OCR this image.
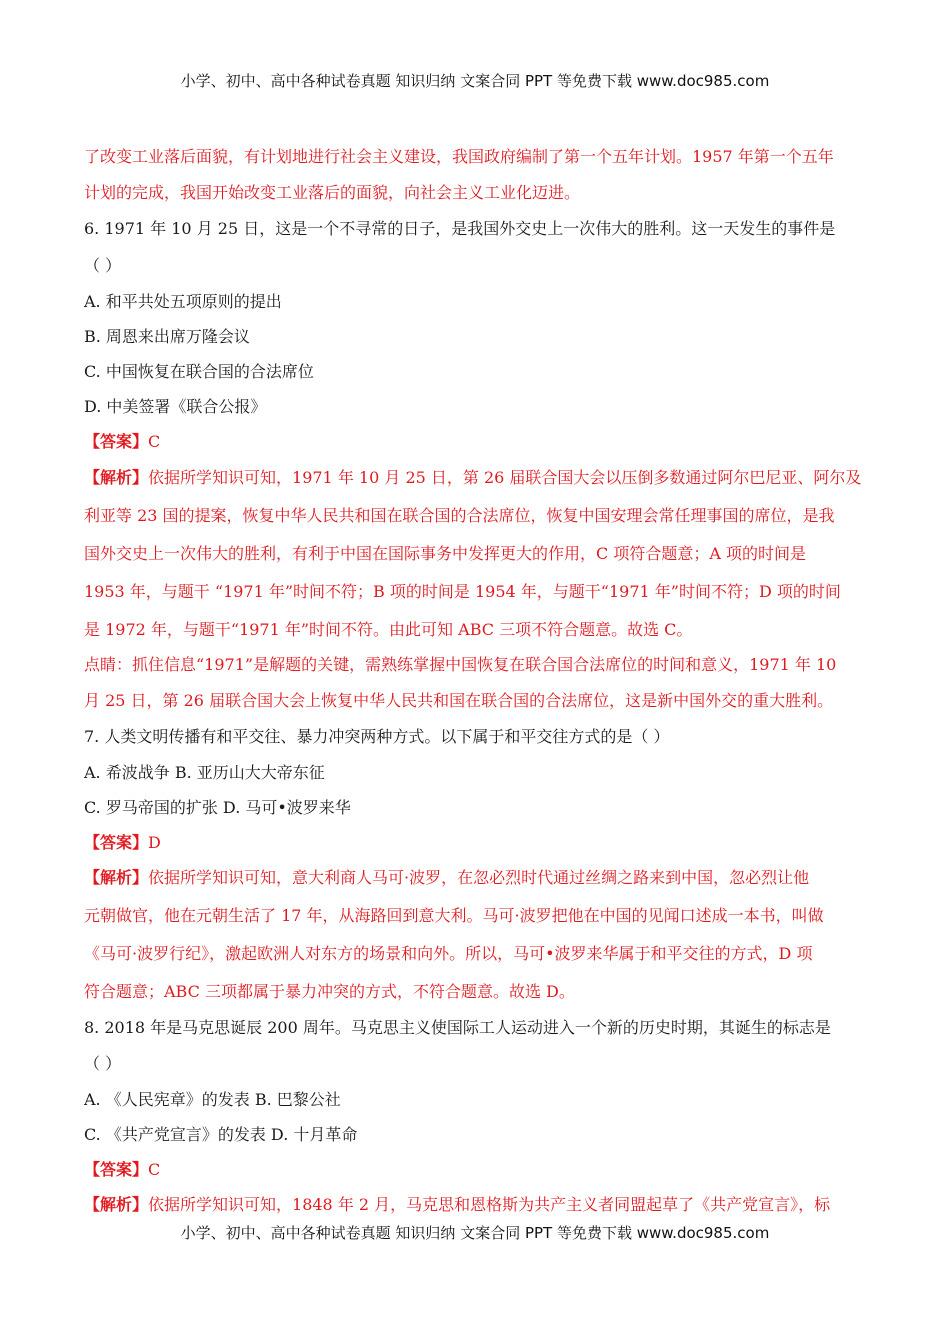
小学、初中、高中各种试卷真题 知识归纳 文案合同 PPT 等免费下载 www.doc985.com
了改变工业落后面貌，有计划地进行社会主义建设，我国政府编制了第一个五年计划。1957 年第一个五年
计划的完成，我国开始改变工业落后的面貌，向社会主义工业化迈进。
6. 1971 年 10 月 25 日，这是一个不寻常的日子，是我国外交史上一次伟大的胜利。这一天发生的事件是
（ ）
A. 和平共处五项原则的提出
B. 周恩来出席万隆会议
C. 中国恢复在联合国的合法席位
D. 中美签署《联合公报》
【答案】C
【解析】依据所学知识可知，1971 年 10 月 25 日，第 26 届联合国大会以压倒多数通过阿尔巴尼亚、阿尔及
利亚等 23 国的提案，恢复中华人民共和国在联合国的合法席位，恢复中国安理会常任理事国的席位，是我
国外交史上一次伟大的胜利，有利于中国在国际事务中发挥更大的作用，C 项符合题意；A 项的时间是
1953 年，与题干 “1971 年”时间不符；B 项的时间是 1954 年，与题干“1971 年”时间不符；D 项的时间
是 1972 年，与题干“1971 年”时间不符。由此可知 ABC 三项不符合题意。故选 C。
点睛：抓住信息“1971”是解题的关键，需熟练掌握中国恢复在联合国合法席位的时间和意义，1971 年 10
月 25 日，第 26 届联合国大会上恢复中华人民共和国在联合国的合法席位，这是新中国外交的重大胜利。
7. 人类文明传播有和平交往、暴力冲突两种方式。以下属于和平交往方式的是（ ）
A. 希波战争 B. 亚历山大大帝东征
C. 罗马帝国的扩张 D. 马可•波罗来华
【答案】D
【解析】依据所学知识可知，意大利商人马可·波罗，在忽必烈时代通过丝绸之路来到中国，忽必烈让他
元朝做官，他在元朝生活了 17 年，从海路回到意大利。马可·波罗把他在中国的见闻口述成一本书，叫做
《马可·波罗行纪》，激起欧洲人对东方的场景和向外。所以，马可•波罗来华属于和平交往的方式，D 项
符合题意；ABC 三项都属于暴力冲突的方式，不符合题意。故选 D。
8. 2018 年是马克思诞辰 200 周年。马克思主义使国际工人运动进入一个新的历史时期，其诞生的标志是
（ ）
A. 《人民宪章》的发表 B. 巴黎公社
C. 《共产党宣言》的发表 D. 十月革命
【答案】C
【解析】依据所学知识可知，1848 年 2 月，马克思和恩格斯为共产主义者同盟起草了《共产党宣言》，标
小学、初中、高中各种试卷真题 知识归纳 文案合同 PPT 等免费下载 www.doc985.com
